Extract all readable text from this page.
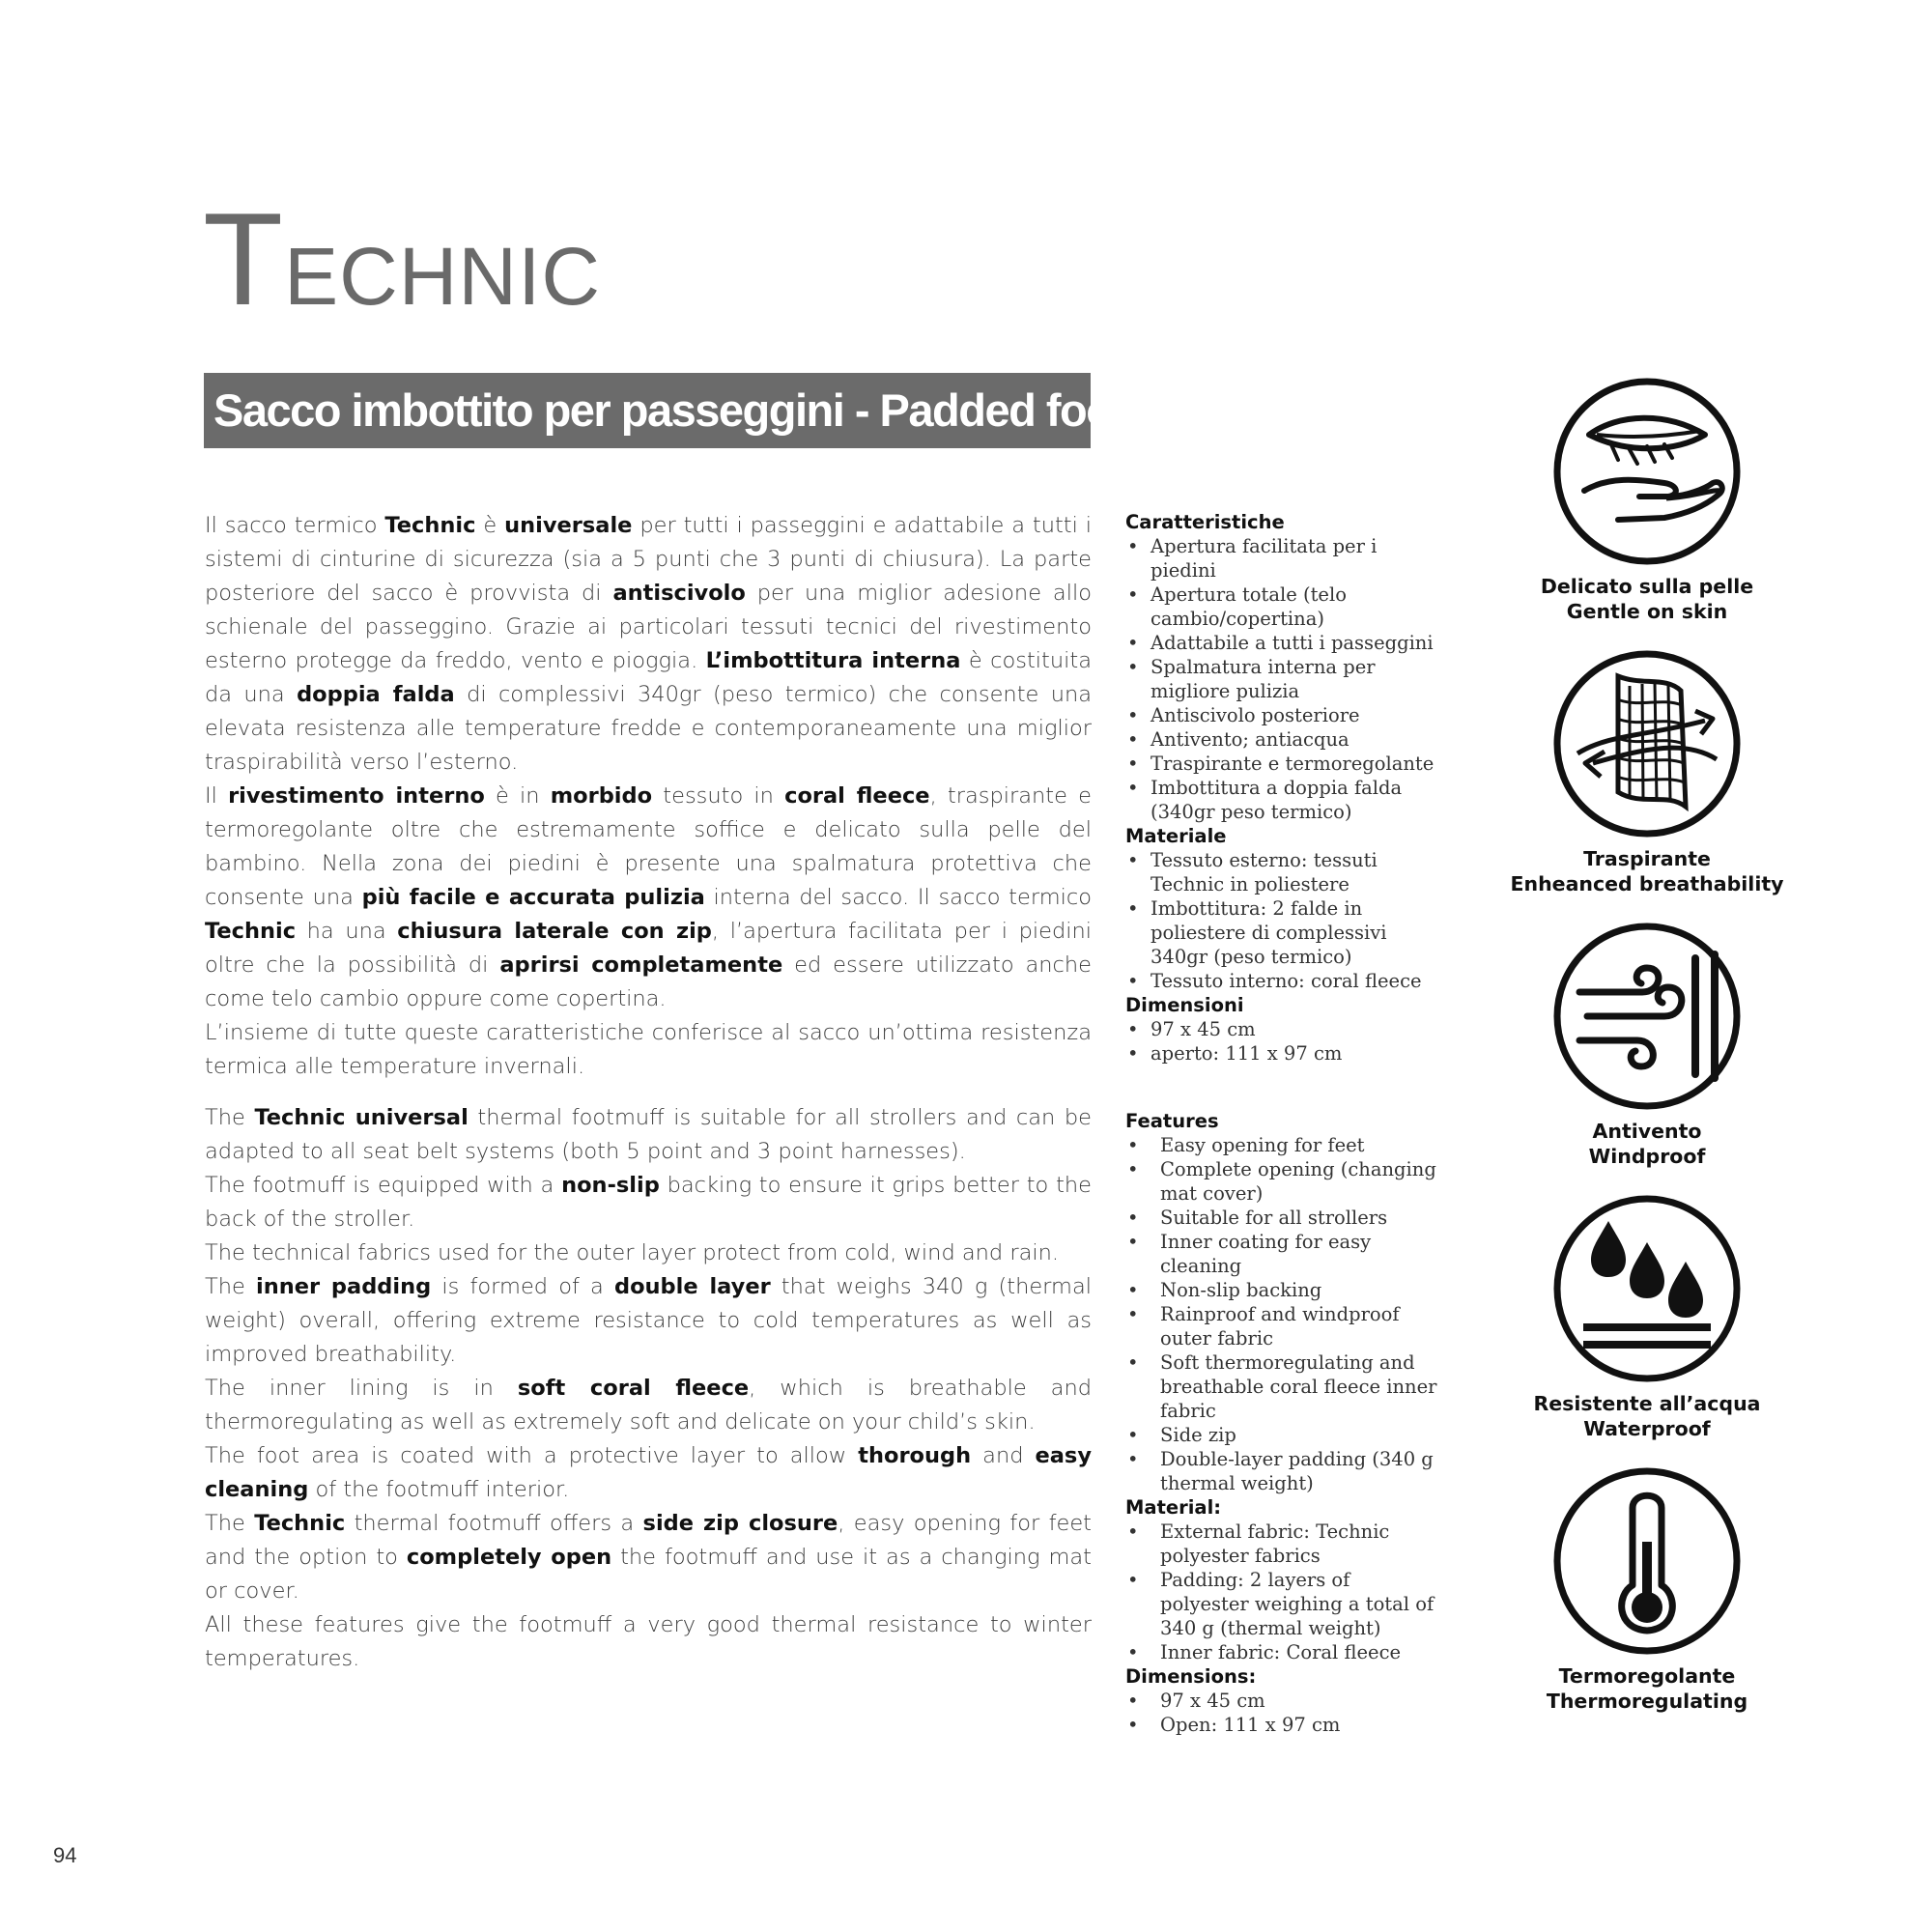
TECHNIC
Sacco imbottito per passeggini - Padded footmuff for strollers

Il sacco termico Technic è universale per tutti i passeggini e adattabile a tutti i sistemi di cinturine di sicurezza (sia a 5 punti che 3 punti di chiusura). La parte posteriore del sacco è provvista di antiscivolo per una miglior adesione allo schienale del passeggino. Grazie ai particolari tessuti tecnici del rivestimento esterno protegge da freddo, vento e pioggia. L’imbottitura interna è costituita da una doppia falda di complessivi 340gr (peso termico) che consente una elevata resistenza alle temperature fredde e contemporaneamente una miglior traspirabilità verso l’esterno.

Il rivestimento interno è in morbido tessuto in coral fleece, traspirante e termoregolante oltre che estremamente soffice e delicato sulla pelle del bambino. Nella zona dei piedini è presente una spalmatura protettiva che consente una più facile e accurata pulizia interna del sacco. Il sacco termico Technic ha una chiusura laterale con zip, l’apertura facilitata per i piedini oltre che la possibilità di aprirsi completamente ed essere utilizzato anche come telo cambio oppure come copertina.

L’insieme di tutte queste caratteristiche conferisce al sacco un’ottima resistenza termica alle temperature invernali.

The Technic universal thermal footmuff is suitable for all strollers and can be adapted to all seat belt systems (both 5 point and 3 point harnesses).

The footmuff is equipped with a non-slip backing to ensure it grips better to the back of the stroller.

The technical fabrics used for the outer layer protect from cold, wind and rain.

The inner padding is formed of a double layer that weighs 340 g (thermal weight) overall, offering extreme resistance to cold temperatures as well as improved breathability.

The inner lining is in soft coral fleece, which is breathable and thermoregulating as well as extremely soft and delicate on your child’s skin.

The foot area is coated with a protective layer to allow thorough and easy cleaning of the footmuff interior.

The Technic thermal footmuff offers a side zip closure, easy opening for feet and the option to completely open the footmuff and use it as a changing mat or cover.

All these features give the footmuff a very good thermal resistance to winter temperatures.

Caratteristiche
• Apertura facilitata per i piedini
• Apertura totale (telo cambio/copertina)
• Adattabile a tutti i passeggini
• Spalmatura interna per migliore pulizia
• Antiscivolo posteriore
• Antivento; antiacqua
• Traspirante e termoregolante
• Imbottitura a doppia falda (340gr peso termico)
Materiale
• Tessuto esterno: tessuti Technic in poliestere
• Imbottitura: 2 falde in poliestere di complessivi 340gr (peso termico)
• Tessuto interno: coral fleece
Dimensioni
• 97 x 45 cm
• aperto: 111 x 97 cm
Features
• Easy opening for feet
• Complete opening (changing mat cover)
• Suitable for all strollers
• Inner coating for easy cleaning
• Non-slip backing
• Rainproof and windproof outer fabric
• Soft thermoregulating and breathable coral fleece inner fabric
• Side zip
• Double-layer padding (340 g thermal weight)
Material:
• External fabric: Technic polyester fabrics
• Padding: 2 layers of polyester weighing a total of 340 g (thermal weight)
• Inner fabric: Coral fleece
Dimensions:
• 97 x 45 cm
• Open: 111 x 97 cm
Delicato sulla pelle
Gentle on skin
Traspirante
Enheanced breathability
Antivento
Windproof
Resistente all’acqua
Waterproof
Termoregolante
Thermoregulating
94
